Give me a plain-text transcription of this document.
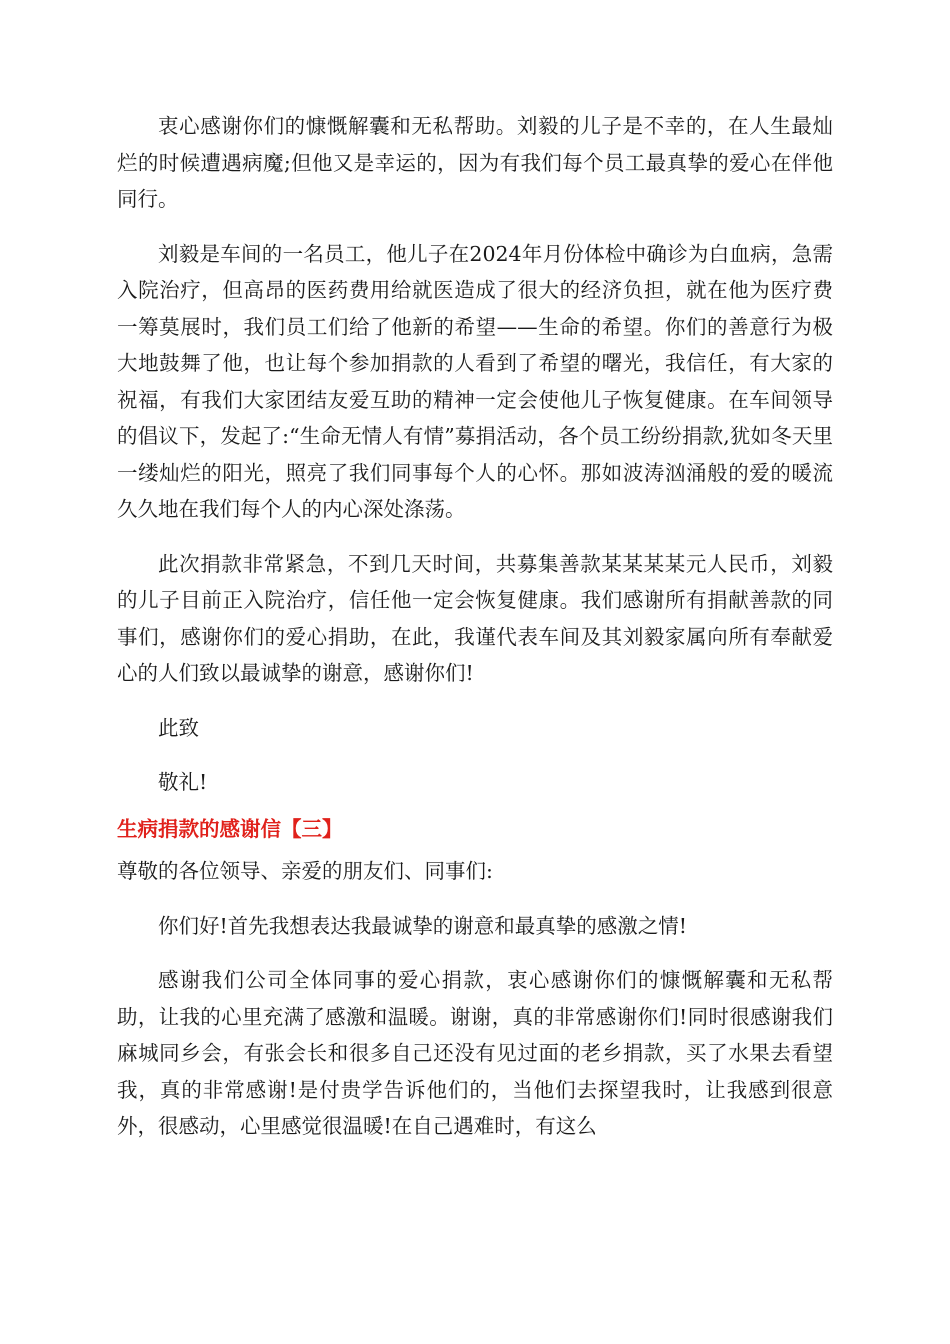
衷心感谢你们的慷慨解囊和无私帮助。刘毅的儿子是不幸的，在人生最灿烂的时候遭遇病魔;但他又是幸运的，因为有我们每个员工最真挚的爱心在伴他同行。

刘毅是车间的一名员工，他儿子在2024年月份体检中确诊为白血病，急需入院治疗，但高昂的医药费用给就医造成了很大的经济负担，就在他为医疗费一筹莫展时，我们员工们给了他新的希望——生命的希望。你们的善意行为极大地鼓舞了他，也让每个参加捐款的人看到了希望的曙光，我信任，有大家的祝福，有我们大家团结友爱互助的精神一定会使他儿子恢复健康。在车间领导的倡议下，发起了:“生命无情人有情”募捐活动，各个员工纷纷捐款,犹如冬天里一缕灿烂的阳光，照亮了我们同事每个人的心怀。那如波涛汹涌般的爱的暖流久久地在我们每个人的内心深处涤荡。

此次捐款非常紧急，不到几天时间，共募集善款某某某某元人民币，刘毅的儿子目前正入院治疗，信任他一定会恢复健康。我们感谢所有捐献善款的同事们，感谢你们的爱心捐助，在此，我谨代表车间及其刘毅家属向所有奉献爱心的人们致以最诚挚的谢意，感谢你们!

此致

敬礼!

生病捐款的感谢信【三】

尊敬的各位领导、亲爱的朋友们、同事们:

你们好!首先我想表达我最诚挚的谢意和最真挚的感激之情!

感谢我们公司全体同事的爱心捐款，衷心感谢你们的慷慨解囊和无私帮助，让我的心里充满了感激和温暖。谢谢，真的非常感谢你们!同时很感谢我们麻城同乡会，有张会长和很多自己还没有见过面的老乡捐款，买了水果去看望我，真的非常感谢!是付贵学告诉他们的，当他们去探望我时，让我感到很意外，很感动，心里感觉很温暖!在自己遇难时，有这么
